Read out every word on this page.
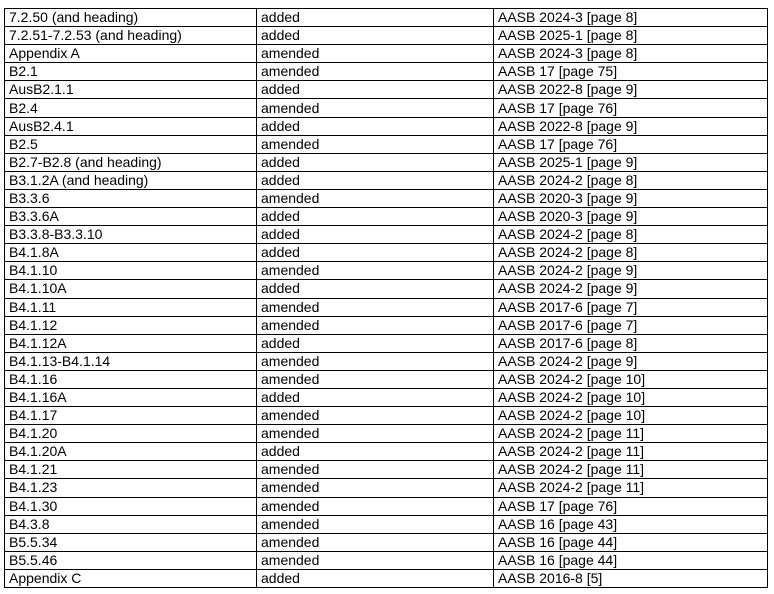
7.2.50 (and heading)	added	AASB 2024-3 [page 8]
7.2.51-7.2.53 (and heading)	added	AASB 2025-1 [page 8]
Appendix A	amended	AASB 2024-3 [page 8]
B2.1	amended	AASB 17 [page 75]
AusB2.1.1	added	AASB 2022-8 [page 9]
B2.4	amended	AASB 17 [page 76]
AusB2.4.1	added	AASB 2022-8 [page 9]
B2.5	amended	AASB 17 [page 76]
B2.7-B2.8 (and heading)	added	AASB 2025-1 [page 9]
B3.1.2A (and heading)	added	AASB 2024-2 [page 8]
B3.3.6	amended	AASB 2020-3 [page 9]
B3.3.6A	added	AASB 2020-3 [page 9]
B3.3.8-B3.3.10	added	AASB 2024-2 [page 8]
B4.1.8A	added	AASB 2024-2 [page 8]
B4.1.10	amended	AASB 2024-2 [page 9]
B4.1.10A	added	AASB 2024-2 [page 9]
B4.1.11	amended	AASB 2017-6 [page 7]
B4.1.12	amended	AASB 2017-6 [page 7]
B4.1.12A	added	AASB 2017-6 [page 8]
B4.1.13-B4.1.14	amended	AASB 2024-2 [page 9]
B4.1.16	amended	AASB 2024-2 [page 10]
B4.1.16A	added	AASB 2024-2 [page 10]
B4.1.17	amended	AASB 2024-2 [page 10]
B4.1.20	amended	AASB 2024-2 [page 11]
B4.1.20A	added	AASB 2024-2 [page 11]
B4.1.21	amended	AASB 2024-2 [page 11]
B4.1.23	amended	AASB 2024-2 [page 11]
B4.1.30	amended	AASB 17 [page 76]
B4.3.8	amended	AASB 16 [page 43]
B5.5.34	amended	AASB 16 [page 44]
B5.5.46	amended	AASB 16 [page 44]
Appendix C	added	AASB 2016-8 [5]
